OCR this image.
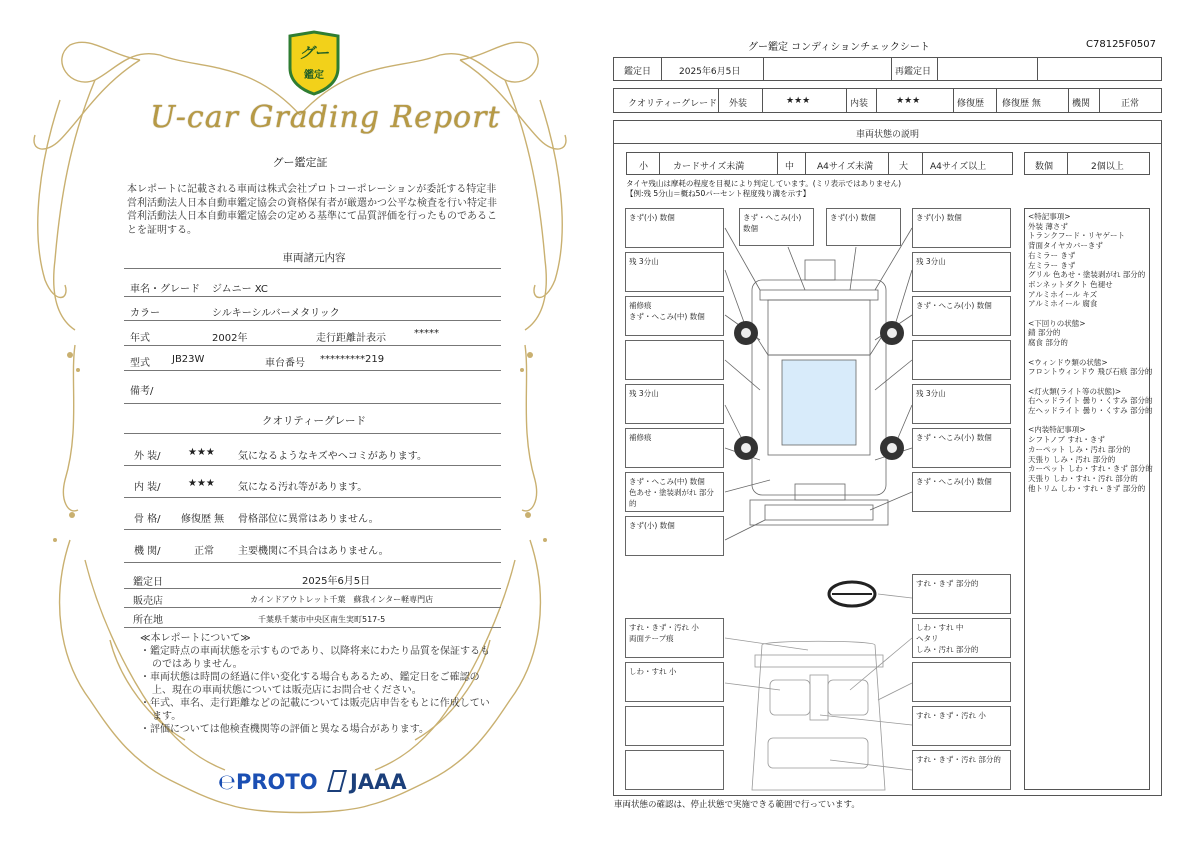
グー
鑑定
U-car Grading Report
グー鑑定証
本レポートに記載される車両は株式会社プロトコーポレーションが委託する特定非営利活動法人日本自動車鑑定協会の資格保有者が厳選かつ公平な検査を行い特定非営利活動法人日本自動車鑑定協会の定める基準にて品質評価を行ったものであることを証明する。
車両諸元内容
車名・グレード ジムニー XC
カラー	シルキーシルバーメタリック
年式	2002年	走行距離計表示	*****
型式 JB23W	車台番号 *********219
備考/
クオリティーグレード
外 装/	★★★ 気になるようなキズやヘコミがあります。
内 装/	★★★ 気になる汚れ等があります。
骨 格/ 修復歴 無 骨格部位に異常はありません。
機 関/	正常 主要機関に不具合はありません。
鑑定日	2025年6月5日
販売店	カインドアウトレット千葉　蘇我インター軽専門店
所在地	千葉県千葉市中央区南生実町517-5
≪本レポートについて≫
・鑑定時点の車両状態を示すものであり、以降将来にわたり品質を保証するものではありません。
・車両状態は時間の経過に伴い変化する場合もあるため、鑑定日をご確認の上、現在の車両状態については販売店にお問合せください。
・年式、車名、走行距離などの記載については販売店申告をもとに作成しています。
・評価については他検査機関等の評価と異なる場合があります。
℮PROTO	JAAA
グー鑑定 コンディションチェックシート	C78125F0507
鑑定日	2025年6月5日	再鑑定日
クオリティーグレード 外装	★★★	内装	★★★	修復歴 修復歴 無	機関	正常
車両状態の説明
小	カードサイズ未満	中	A4サイズ未満	大 A4サイズ以上	数個	2個以上
タイヤ残山は摩耗の程度を目視により判定しています。(ミリ表示ではありません)
【例:残 5分山＝概ね50パーセント程度残り溝を示す】
きず(小) 数個	きず・へこみ(小) 数個
きず(小) 数個	きず(小) 数個
残 3分山	残 3分山
補修痕
きず・へこみ(中) 数個
きず・へこみ(小) 数個
残 3分山	残 3分山
補修痕	きず・へこみ(小) 数個
きず・へこみ(中) 数個
色あせ・塗装剥がれ 部分的
きず・へこみ(小) 数個
きず(小) 数個
すれ・きず 部分的
すれ・きず・汚れ 小
両面テープ痕
しわ・すれ 中
へタリ
しみ・汚れ 部分的
しわ・すれ 小
すれ・きず・汚れ 小
すれ・きず・汚れ 部分的
<特記事項>
外装 薄さず
トランクフード・リヤゲート
背面タイヤカバーきず
右ミラー きず
左ミラー きず
グリル 色あせ・塗装剥がれ 部分的
ボンネットダクト 色褪せ
アルミホイール キズ
アルミホイール 腐食
<下回りの状態>
錆 部分的
腐食 部分的
<ウィンドウ類の状態>
フロントウィンドウ 飛び石痕 部分的
<灯火類(ライト等の状態)>
右ヘッドライト 曇り・くすみ 部分的
左ヘッドライト 曇り・くすみ 部分的
<内装特記事項>
シフトノブ すれ・きず
カーペット しみ・汚れ 部分的
天張り しみ・汚れ 部分的
カーペット しわ・すれ・きず 部分的
天張り しわ・すれ・汚れ 部分的
他トリム しわ・すれ・きず 部分的
車両状態の確認は、停止状態で実施できる範囲で行っています。
